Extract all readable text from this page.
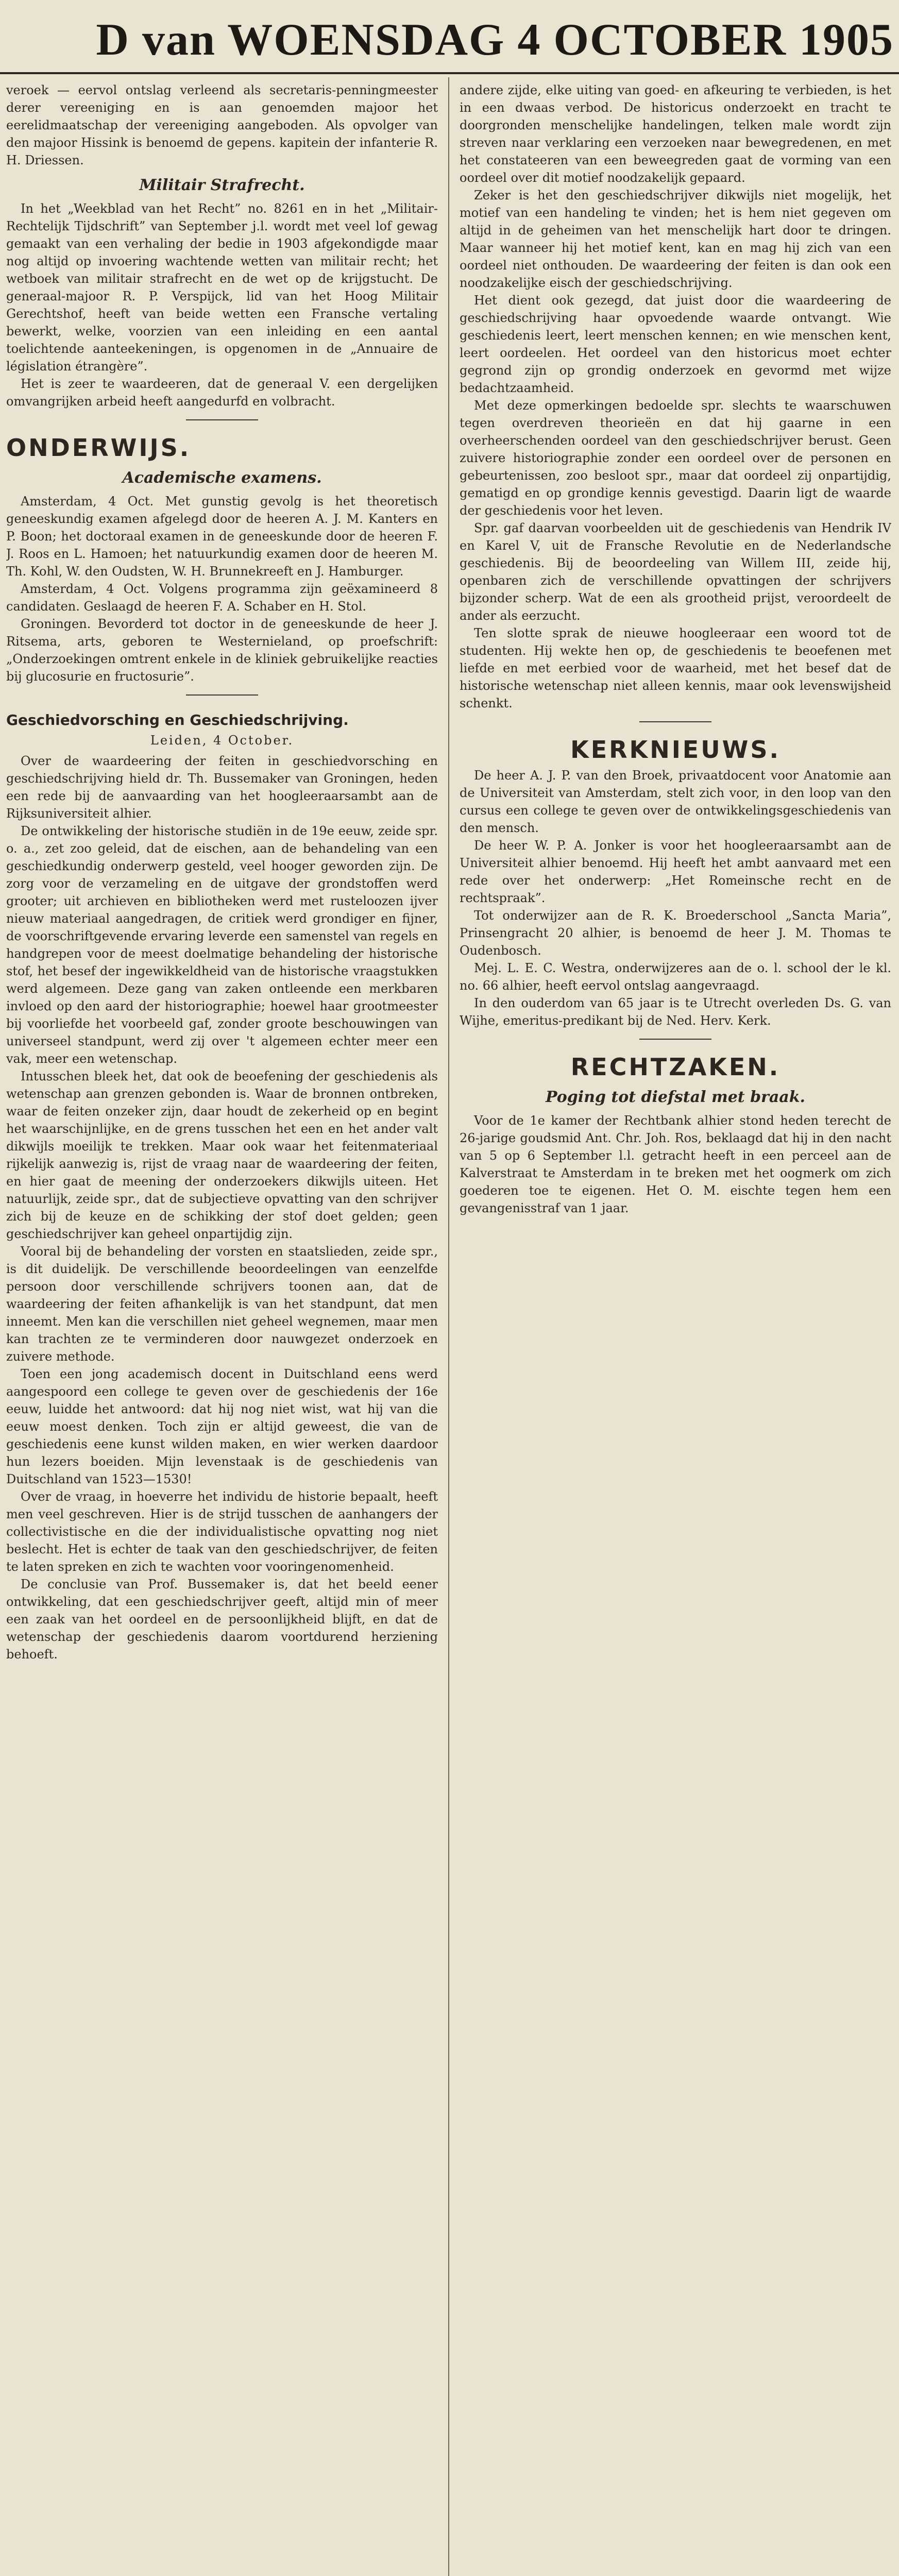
D van WOENSDAG 4 OCTOBER 1905

veroek — eervol ontslag verleend als secretaris-penningmeester derer vereeniging en is aan genoemden majoor het eerelidmaatschap der vereeniging aangeboden. Als opvolger van den majoor Hissink is benoemd de gepens. kapitein der infanterie R. H. Driessen.

Militair Strafrecht.

In het „Weekblad van het Recht” no. 8261 en in het „Militair-Rechtelijk Tijdschrift” van September j.l. wordt met veel lof gewag gemaakt van een verhaling der bedie in 1903 afgekondigde maar nog altijd op invoering wachtende wetten van militair recht; het wetboek van militair strafrecht en de wet op de krijgstucht. De generaal-majoor R. P. Verspijck, lid van het Hoog Militair Gerechtshof, heeft van beide wetten een Fransche vertaling bewerkt, welke, voorzien van een inleiding en een aantal toelichtende aanteekeningen, is opgenomen in de „Annuaire de législation étrangère”.

Het is zeer te waardeeren, dat de generaal V. een dergelijken omvangrijken arbeid heeft aangedurfd en volbracht.

ONDERWIJS.
Academische examens.

Amsterdam, 4 Oct. Met gunstig gevolg is het theoretisch geneeskundig examen afgelegd door de heeren A. J. M. Kanters en P. Boon; het doctoraal examen in de geneeskunde door de heeren F. J. Roos en L. Hamoen; het natuurkundig examen door de heeren M. Th. Kohl, W. den Oudsten, W. H. Brunnekreeft en J. Hamburger.

Amsterdam, 4 Oct. Volgens programma zijn geëxamineerd 8 candidaten. Geslaagd de heeren F. A. Schaber en H. Stol.

Groningen. Bevorderd tot doctor in de geneeskunde de heer J. Ritsema, arts, geboren te Westernieland, op proefschrift: „Onderzoekingen omtrent enkele in de kliniek gebruikelijke reacties bij glucosurie en fructosurie”.

Geschiedvorsching en Geschiedschrijving.
Leiden, 4 October.

Over de waardeering der feiten in geschiedvorsching en geschiedschrijving hield dr. Th. Bussemaker van Groningen, heden een rede bij de aanvaarding van het hoogleeraarsambt aan de Rijksuniversiteit alhier.

De ontwikkeling der historische studiën in de 19e eeuw, zeide spr. o. a., zet zoo geleid, dat de eischen, aan de behandeling van een geschiedkundig onderwerp gesteld, veel hooger geworden zijn. De zorg voor de verzameling en de uitgave der grondstoffen werd grooter; uit archieven en bibliotheken werd met rusteloozen ijver nieuw materiaal aangedragen, de critiek werd grondiger en fijner, de voorschriftgevende ervaring leverde een samenstel van regels en handgrepen voor de meest doelmatige behandeling der historische stof, het besef der ingewikkeldheid van de historische vraagstukken werd algemeen. Deze gang van zaken ontleende een merkbaren invloed op den aard der historiographie; hoewel haar grootmeester bij voorliefde het voorbeeld gaf, zonder groote beschouwingen van universeel standpunt, werd zij over 't algemeen echter meer een vak, meer een wetenschap.

Intusschen bleek het, dat ook de beoefening der geschiedenis als wetenschap aan grenzen gebonden is. Waar de bronnen ontbreken, waar de feiten onzeker zijn, daar houdt de zekerheid op en begint het waarschijnlijke, en de grens tusschen het een en het ander valt dikwijls moeilijk te trekken. Maar ook waar het feitenmateriaal rijkelijk aanwezig is, rijst de vraag naar de waardeering der feiten, en hier gaat de meening der onderzoekers dikwijls uiteen. Het natuurlijk, zeide spr., dat de subjectieve opvatting van den schrijver zich bij de keuze en de schikking der stof doet gelden; geen geschiedschrijver kan geheel onpartijdig zijn.

Vooral bij de behandeling der vorsten en staatslieden, zeide spr., is dit duidelijk. De verschillende beoordeelingen van eenzelfde persoon door verschillende schrijvers toonen aan, dat de waardeering der feiten afhankelijk is van het standpunt, dat men inneemt. Men kan die verschillen niet geheel wegnemen, maar men kan trachten ze te verminderen door nauwgezet onderzoek en zuivere methode.

Toen een jong academisch docent in Duitschland eens werd aangespoord een college te geven over de geschiedenis der 16e eeuw, luidde het antwoord: dat hij nog niet wist, wat hij van die eeuw moest denken. Toch zijn er altijd geweest, die van de geschiedenis eene kunst wilden maken, en wier werken daardoor hun lezers boeiden. Mijn levenstaak is de geschiedenis van Duitschland van 1523—1530!

Over de vraag, in hoeverre het individu de historie bepaalt, heeft men veel geschreven. Hier is de strijd tusschen de aanhangers der collectivistische en die der individualistische opvatting nog niet beslecht. Het is echter de taak van den geschiedschrijver, de feiten te laten spreken en zich te wachten voor vooringenomenheid.

De conclusie van Prof. Bussemaker is, dat het beeld eener ontwikkeling, dat een geschiedschrijver geeft, altijd min of meer een zaak van het oordeel en de persoonlijkheid blijft, en dat de wetenschap der geschiedenis daarom voortdurend herziening behoeft.

andere zijde, elke uiting van goed- en afkeuring te verbieden, is het in een dwaas verbod. De historicus onderzoekt en tracht te doorgronden menschelijke handelingen, telken male wordt zijn streven naar verklaring een verzoeken naar bewegredenen, en met het constateeren van een beweegreden gaat de vorming van een oordeel over dit motief noodzakelijk gepaard.

Zeker is het den geschiedschrijver dikwijls niet mogelijk, het motief van een handeling te vinden; het is hem niet gegeven om altijd in de geheimen van het menschelijk hart door te dringen. Maar wanneer hij het motief kent, kan en mag hij zich van een oordeel niet onthouden. De waardeering der feiten is dan ook een noodzakelijke eisch der geschiedschrijving.

Het dient ook gezegd, dat juist door die waardeering de geschiedschrijving haar opvoedende waarde ontvangt. Wie geschiedenis leert, leert menschen kennen; en wie menschen kent, leert oordeelen. Het oordeel van den historicus moet echter gegrond zijn op grondig onderzoek en gevormd met wijze bedachtzaamheid.

Met deze opmerkingen bedoelde spr. slechts te waarschuwen tegen overdreven theorieën en dat hij gaarne in een overheerschenden oordeel van den geschiedschrijver berust. Geen zuivere historiographie zonder een oordeel over de personen en gebeurtenissen, zoo besloot spr., maar dat oordeel zij onpartijdig, gematigd en op grondige kennis gevestigd. Daarin ligt de waarde der geschiedenis voor het leven.

Spr. gaf daarvan voorbeelden uit de geschiedenis van Hendrik IV en Karel V, uit de Fransche Revolutie en de Nederlandsche geschiedenis. Bij de beoordeeling van Willem III, zeide hij, openbaren zich de verschillende opvattingen der schrijvers bijzonder scherp. Wat de een als grootheid prijst, veroordeelt de ander als eerzucht.

Ten slotte sprak de nieuwe hoogleeraar een woord tot de studenten. Hij wekte hen op, de geschiedenis te beoefenen met liefde en met eerbied voor de waarheid, met het besef dat de historische wetenschap niet alleen kennis, maar ook levenswijsheid schenkt.

KERKNIEUWS.

De heer A. J. P. van den Broek, privaatdocent voor Anatomie aan de Universiteit van Amsterdam, stelt zich voor, in den loop van den cursus een college te geven over de ontwikkelingsgeschiedenis van den mensch.

De heer W. P. A. Jonker is voor het hoogleeraarsambt aan de Universiteit alhier benoemd. Hij heeft het ambt aanvaard met een rede over het onderwerp: „Het Romeinsche recht en de rechtspraak”.

Tot onderwijzer aan de R. K. Broederschool „Sancta Maria”, Prinsengracht 20 alhier, is benoemd de heer J. M. Thomas te Oudenbosch.

Mej. L. E. C. Westra, onderwijzeres aan de o. l. school der le kl. no. 66 alhier, heeft eervol ontslag aangevraagd.

In den ouderdom van 65 jaar is te Utrecht overleden Ds. G. van Wijhe, emeritus-predikant bij de Ned. Herv. Kerk.

RECHTZAKEN.
Poging tot diefstal met braak.

Voor de 1e kamer der Rechtbank alhier stond heden terecht de 26-jarige goudsmid Ant. Chr. Joh. Ros, beklaagd dat hij in den nacht van 5 op 6 September l.l. getracht heeft in een perceel aan de Kalverstraat te Amsterdam in te breken met het oogmerk om zich goederen toe te eigenen. Het O. M. eischte tegen hem een gevangenisstraf van 1 jaar.
